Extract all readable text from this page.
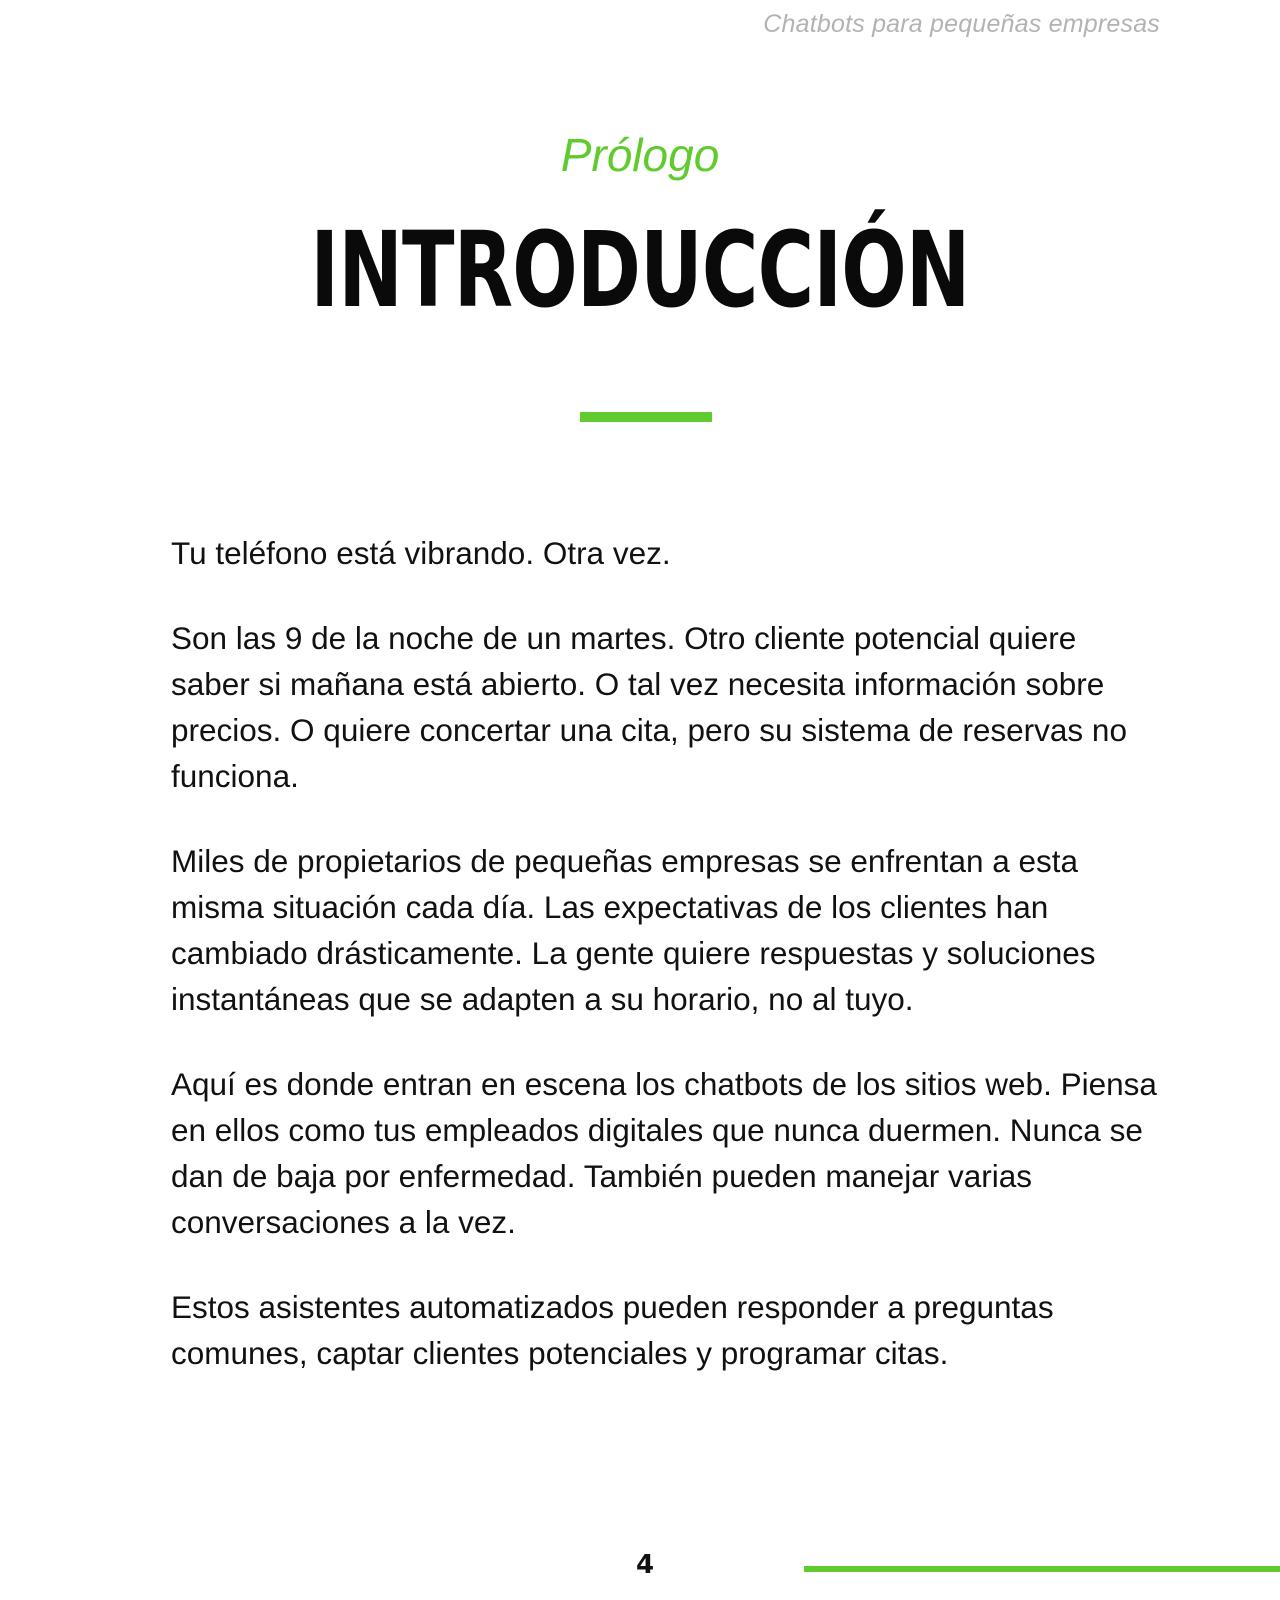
Chatbots para pequeñas empresas
Prólogo
INTRODUCCIÓN

Tu teléfono está vibrando. Otra vez.

Son las 9 de la noche de un martes. Otro cliente potencial quiere saber si mañana está abierto. O tal vez necesita información sobre precios. O quiere concertar una cita, pero su sistema de reservas no funciona.

Miles de propietarios de pequeñas empresas se enfrentan a esta misma situación cada día. Las expectativas de los clientes han cambiado drásticamente. La gente quiere respuestas y soluciones instantáneas que se adapten a su horario, no al tuyo.

Aquí es donde entran en escena los chatbots de los sitios web. Piensa en ellos como tus empleados digitales que nunca duermen. Nunca se dan de baja por enfermedad. También pueden manejar varias conversaciones a la vez.

Estos asistentes automatizados pueden responder a preguntas comunes, captar clientes potenciales y programar citas.

4
